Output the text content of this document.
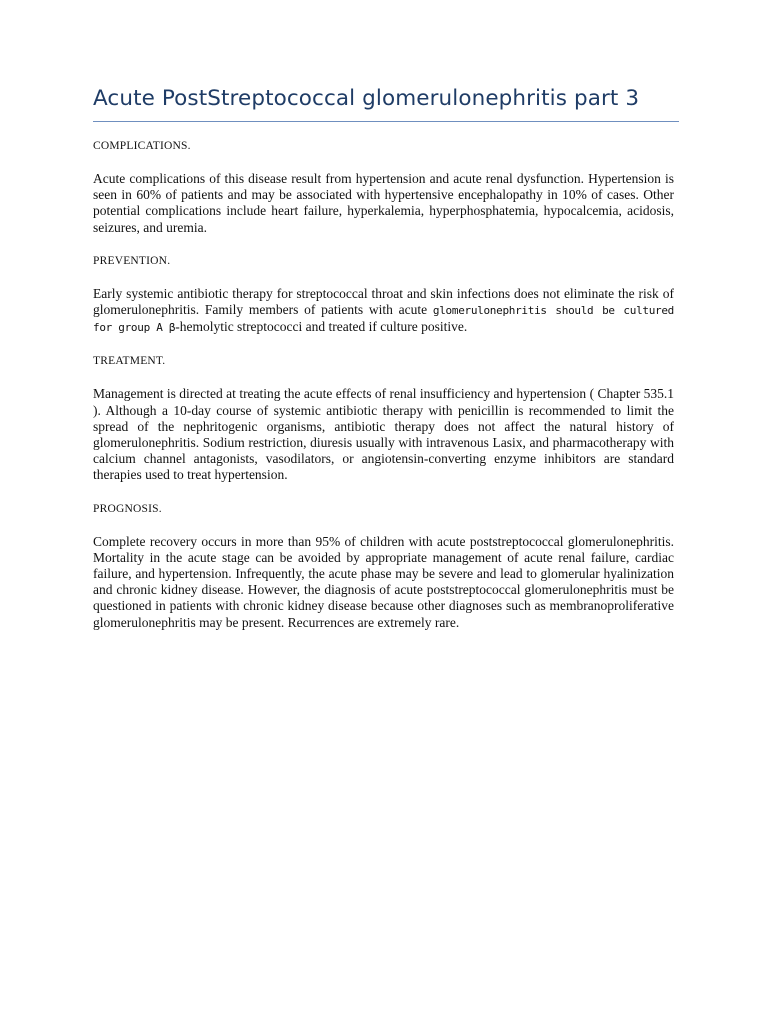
Acute PostStreptococcal glomerulonephritis part 3
COMPLICATIONS.

Acute complications of this disease result from hypertension and acute renal dysfunction. Hypertension is seen in 60% of patients and may be associated with hypertensive encephalopathy in 10% of cases. Other potential complications include heart failure, hyperkalemia, hyperphosphatemia, hypocalcemia, acidosis, seizures, and uremia.

PREVENTION.

Early systemic antibiotic therapy for streptococcal throat and skin infections does not eliminate the risk of glomerulonephritis. Family members of patients with acute glomerulonephritis should be cultured for group A β-hemolytic streptococci and treated if culture positive.

TREATMENT.

Management is directed at treating the acute effects of renal insufficiency and hypertension ( Chapter 535.1 ). Although a 10-day course of systemic antibiotic therapy with penicillin is recommended to limit the spread of the nephritogenic organisms, antibiotic therapy does not affect the natural history of glomerulonephritis. Sodium restriction, diuresis usually with intravenous Lasix, and pharmacotherapy with calcium channel antagonists, vasodilators, or angiotensin-converting enzyme inhibitors are standard therapies used to treat hypertension.

PROGNOSIS.

Complete recovery occurs in more than 95% of children with acute poststreptococcal glomerulonephritis. Mortality in the acute stage can be avoided by appropriate management of acute renal failure, cardiac failure, and hypertension. Infrequently, the acute phase may be severe and lead to glomerular hyalinization and chronic kidney disease. However, the diagnosis of acute poststreptococcal glomerulonephritis must be questioned in patients with chronic kidney disease because other diagnoses such as membranoproliferative glomerulonephritis may be present. Recurrences are extremely rare.
